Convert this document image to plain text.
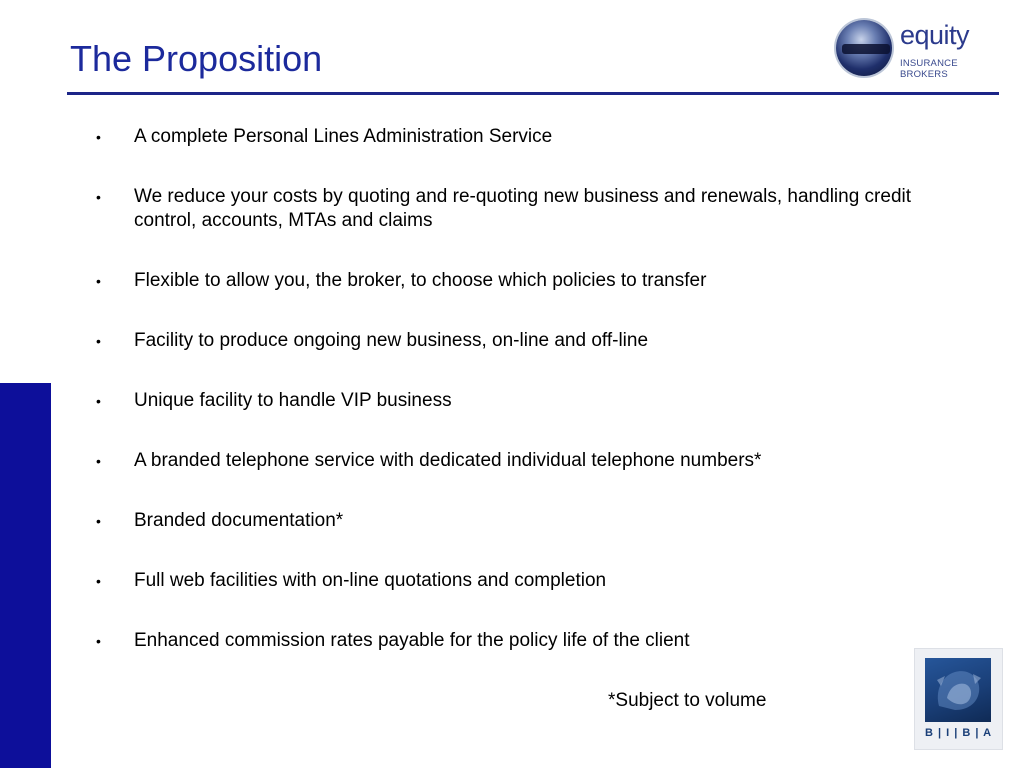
The Proposition
equity
INSURANCE BROKERS
•	A complete Personal Lines Administration Service
•	We reduce your costs by quoting and re-quoting new business and renewals, handling credit control, accounts, MTAs and claims
•	Flexible to allow you, the broker, to choose which policies to transfer
•	Facility to produce ongoing new business, on-line and off-line
•	Unique facility to handle VIP business
•	A branded telephone service with dedicated individual telephone numbers*
•	Branded documentation*
•	Full web facilities with on-line quotations and completion
•	Enhanced commission rates payable for the policy life of the client
*Subject to volume
B | I | B | A
